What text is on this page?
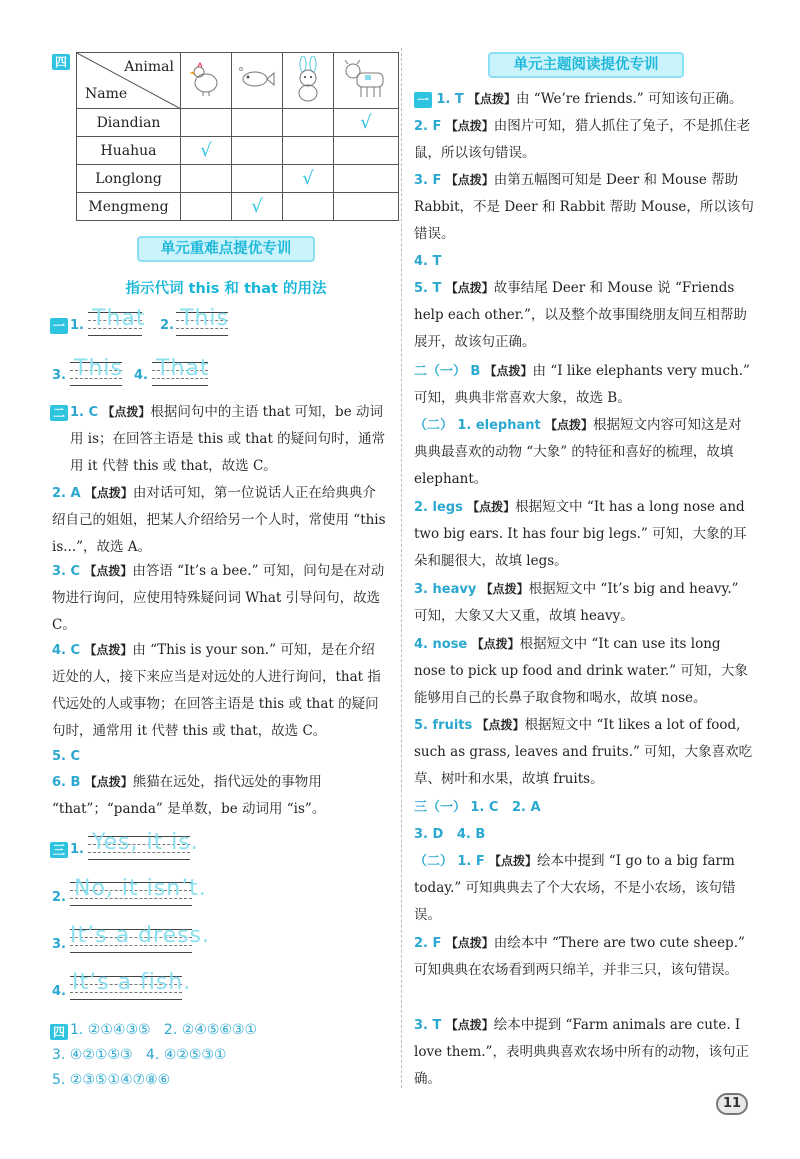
四	Animal
Name

Diandian				√
Huahua	√			
Longlong			√	
Mengmeng		√		
单元重难点提优专训
指示代词 this 和 that 的用法
一 1. That 2. This
3. This 4. That
二 1. C 【点拨】根据问句中的主语 that 可知，be 动词用 is；在回答主语是 this 或 that 的疑问句时，通常用 it 代替 this 或 that，故选 C。
2. A 【点拨】由对话可知，第一位说话人正在给典典介绍自己的姐姐，把某人介绍给另一个人时，常使用 “this is...”，故选 A。
3. C 【点拨】由答语 “It’s a bee.” 可知，问句是在对动物进行询问，应使用特殊疑问词 What 引导问句，故选 C。
4. C 【点拨】由 “This is your son.” 可知，是在介绍近处的人，接下来应当是对远处的人进行询问，that 指代远处的人或事物；在回答主语是 this 或 that 的疑问句时，通常用 it 代替 this 或 that，故选 C。
5. C
6. B 【点拨】熊猫在远处，指代远处的事物用 “that”；“panda” 是单数，be 动词用 “is”。
三 1. Yes, it is.
2. No, it isn’t.
3. It’s a dress.
4. It’s a fish.
四 1. ②①④③⑤   2. ②④⑤⑥③①
3. ④②①⑤③   4. ④②⑤③①
5. ②③⑤①④⑦⑧⑥
单元主题阅读提优专训
一 1. T 【点拨】由 “We’re friends.” 可知该句正确。
2. F 【点拨】由图片可知，猎人抓住了兔子，不是抓住老鼠，所以该句错误。
3. F 【点拨】由第五幅图可知是 Deer 和 Mouse 帮助 Rabbit，不是 Deer 和 Rabbit 帮助 Mouse，所以该句错误。
4. T
5. T 【点拨】故事结尾 Deer 和 Mouse 说 “Friends help each other.”，以及整个故事围绕朋友间互相帮助展开，故该句正确。
二（一） B 【点拨】由 “I like elephants very much.” 可知，典典非常喜欢大象，故选 B。
（二） 1. elephant 【点拨】根据短文内容可知这是对典典最喜欢的动物 “大象” 的特征和喜好的梳理，故填 elephant。
2. legs 【点拨】根据短文中 “It has a long nose and two big ears. It has four big legs.” 可知，大象的耳朵和腿很大，故填 legs。
3. heavy 【点拨】根据短文中 “It’s big and heavy.” 可知，大象又大又重，故填 heavy。
4. nose 【点拨】根据短文中 “It can use its long nose to pick up food and drink water.” 可知，大象能够用自己的长鼻子取食物和喝水，故填 nose。
5. fruits 【点拨】根据短文中 “It likes a lot of food, such as grass, leaves and fruits.” 可知，大象喜欢吃草、树叶和水果，故填 fruits。
三（一） 1. C   2. A
3. D   4. B
（二） 1. F 【点拨】绘本中提到 “I go to a big farm today.” 可知典典去了个大农场，不是小农场，该句错误。
2. F 【点拨】由绘本中 “There are two cute sheep.” 可知典典在农场看到两只绵羊，并非三只，该句错误。
3. T 【点拨】绘本中提到 “Farm animals are cute. I love them.”，表明典典喜欢农场中所有的动物，该句正确。
11
